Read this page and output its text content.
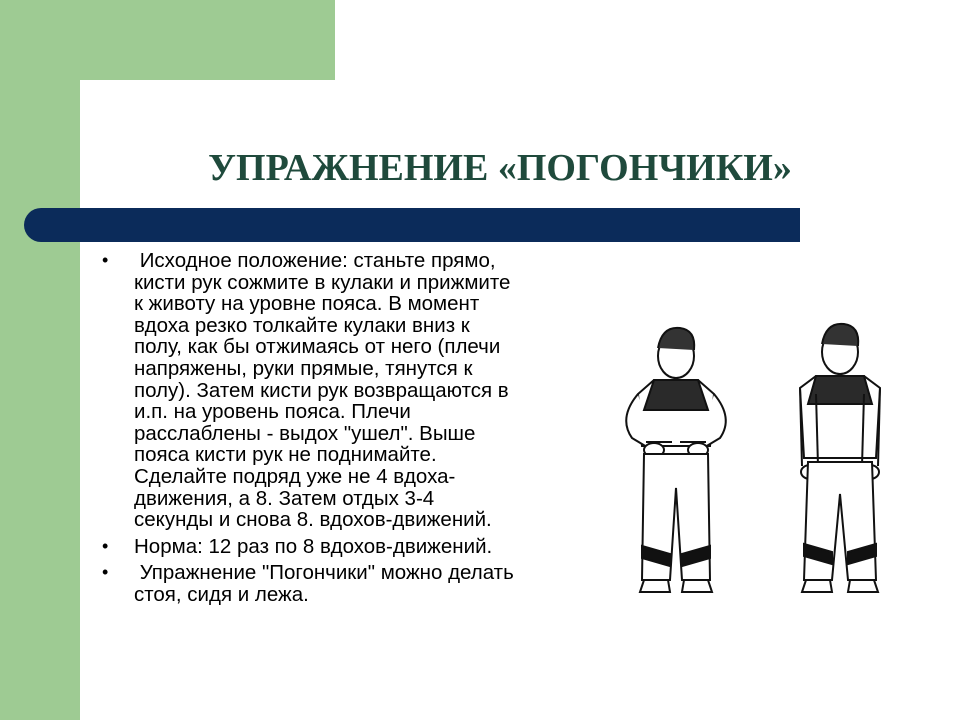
УПРАЖНЕНИЕ «ПОГОНЧИКИ»
• Исходное положение: станьте прямо,
кисти рук сожмите в кулаки и прижмите
к животу на уровне пояса. В момент
вдоха резко толкайте кулаки вниз к
полу, как бы отжимаясь от него (плечи
напряжены, руки прямые, тянутся к
полу). Затем кисти рук возвращаются в
и.п. на уровень пояса. Плечи
расслаблены - выдох "ушел". Выше
пояса кисти рук не поднимайте.
Сделайте подряд уже не 4 вдоха-
движения, а 8. Затем отдых 3-4
секунды и снова 8. вдохов-движений.
• Норма: 12 раз по 8 вдохов-движений.
• Упражнение "Погончики" можно делать
стоя, сидя и лежа.
